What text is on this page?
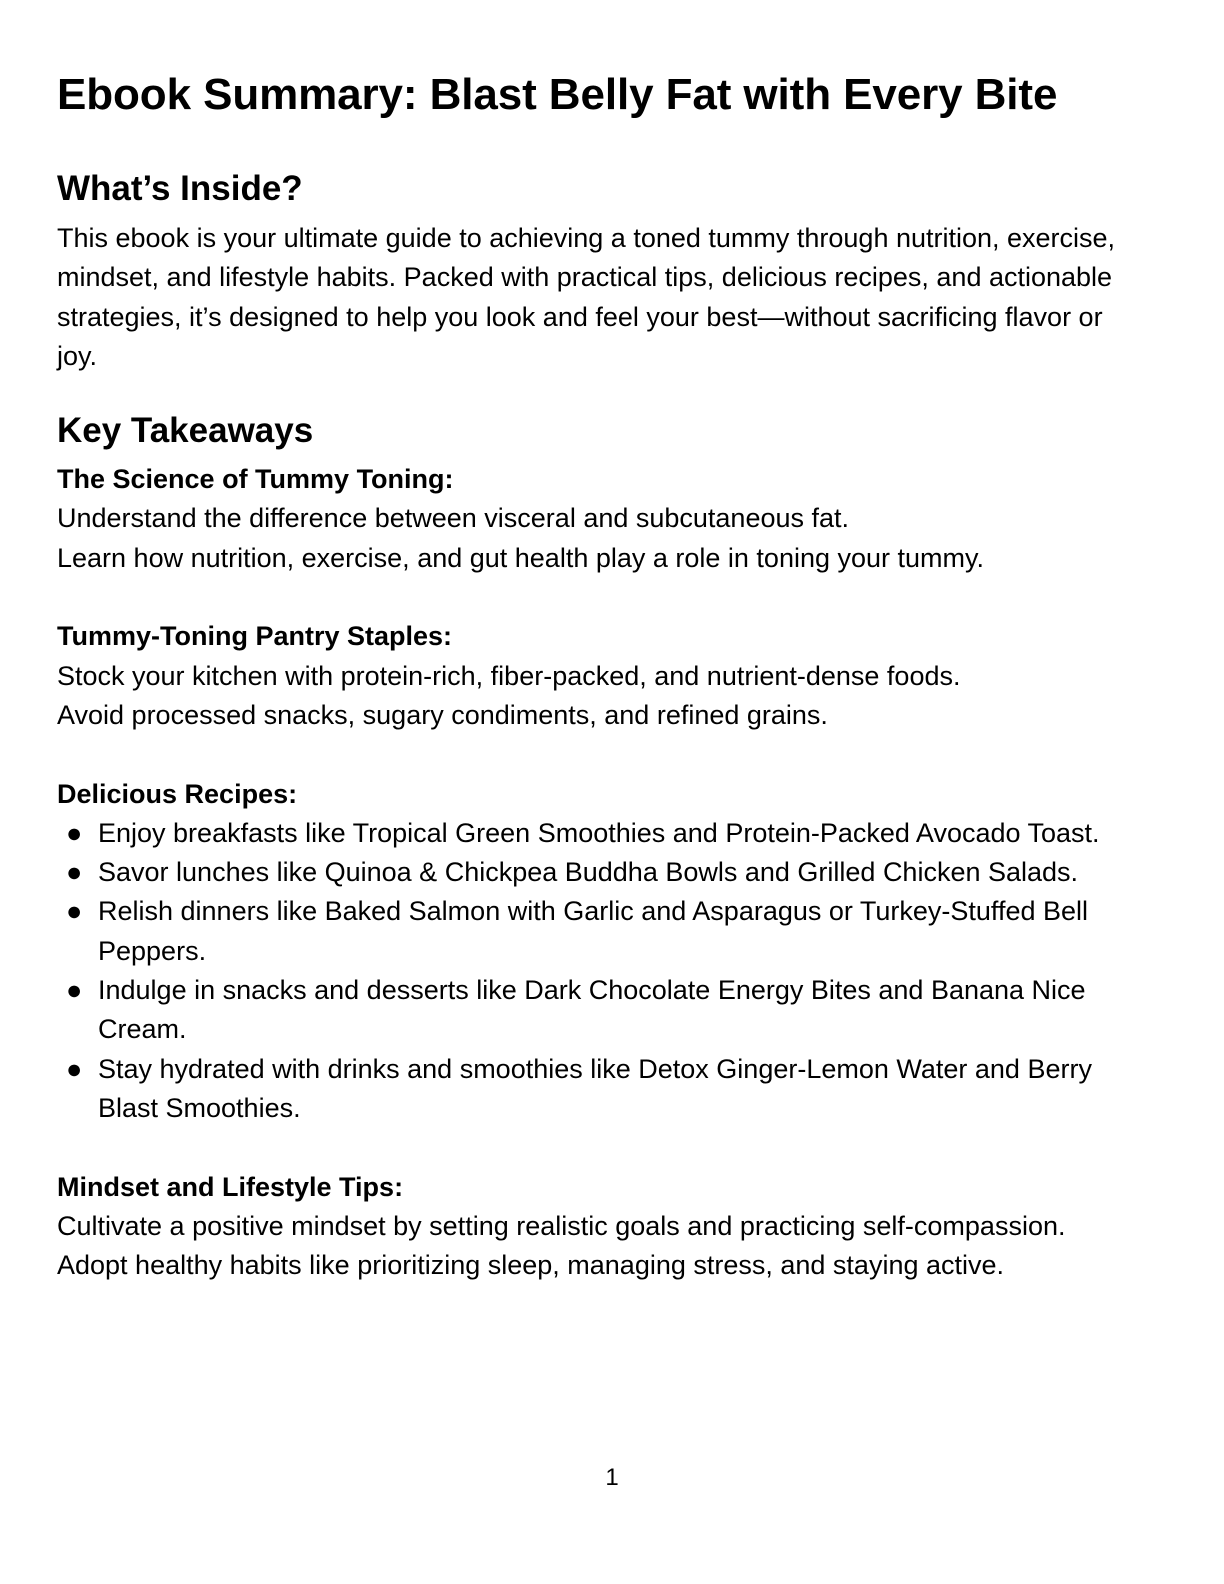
Ebook Summary: Blast Belly Fat with Every Bite
What’s Inside?

This ebook is your ultimate guide to achieving a toned tummy through nutrition, exercise, mindset, and lifestyle habits. Packed with practical tips, delicious recipes, and actionable strategies, it’s designed to help you look and feel your best—without sacrificing flavor or joy.

Key Takeaways
The Science of Tummy Toning:

Understand the difference between visceral and subcutaneous fat.

Learn how nutrition, exercise, and gut health play a role in toning your tummy.

Tummy-Toning Pantry Staples:

Stock your kitchen with protein-rich, fiber-packed, and nutrient-dense foods.

Avoid processed snacks, sugary condiments, and refined grains.

Delicious Recipes:
● Enjoy breakfasts like Tropical Green Smoothies and Protein-Packed Avocado Toast.
● Savor lunches like Quinoa & Chickpea Buddha Bowls and Grilled Chicken Salads.
● Relish dinners like Baked Salmon with Garlic and Asparagus or Turkey-Stuffed Bell Peppers.
● Indulge in snacks and desserts like Dark Chocolate Energy Bites and Banana Nice Cream.
● Stay hydrated with drinks and smoothies like Detox Ginger-Lemon Water and Berry Blast Smoothies.
Mindset and Lifestyle Tips:

Cultivate a positive mindset by setting realistic goals and practicing self-compassion.

Adopt healthy habits like prioritizing sleep, managing stress, and staying active.

1
